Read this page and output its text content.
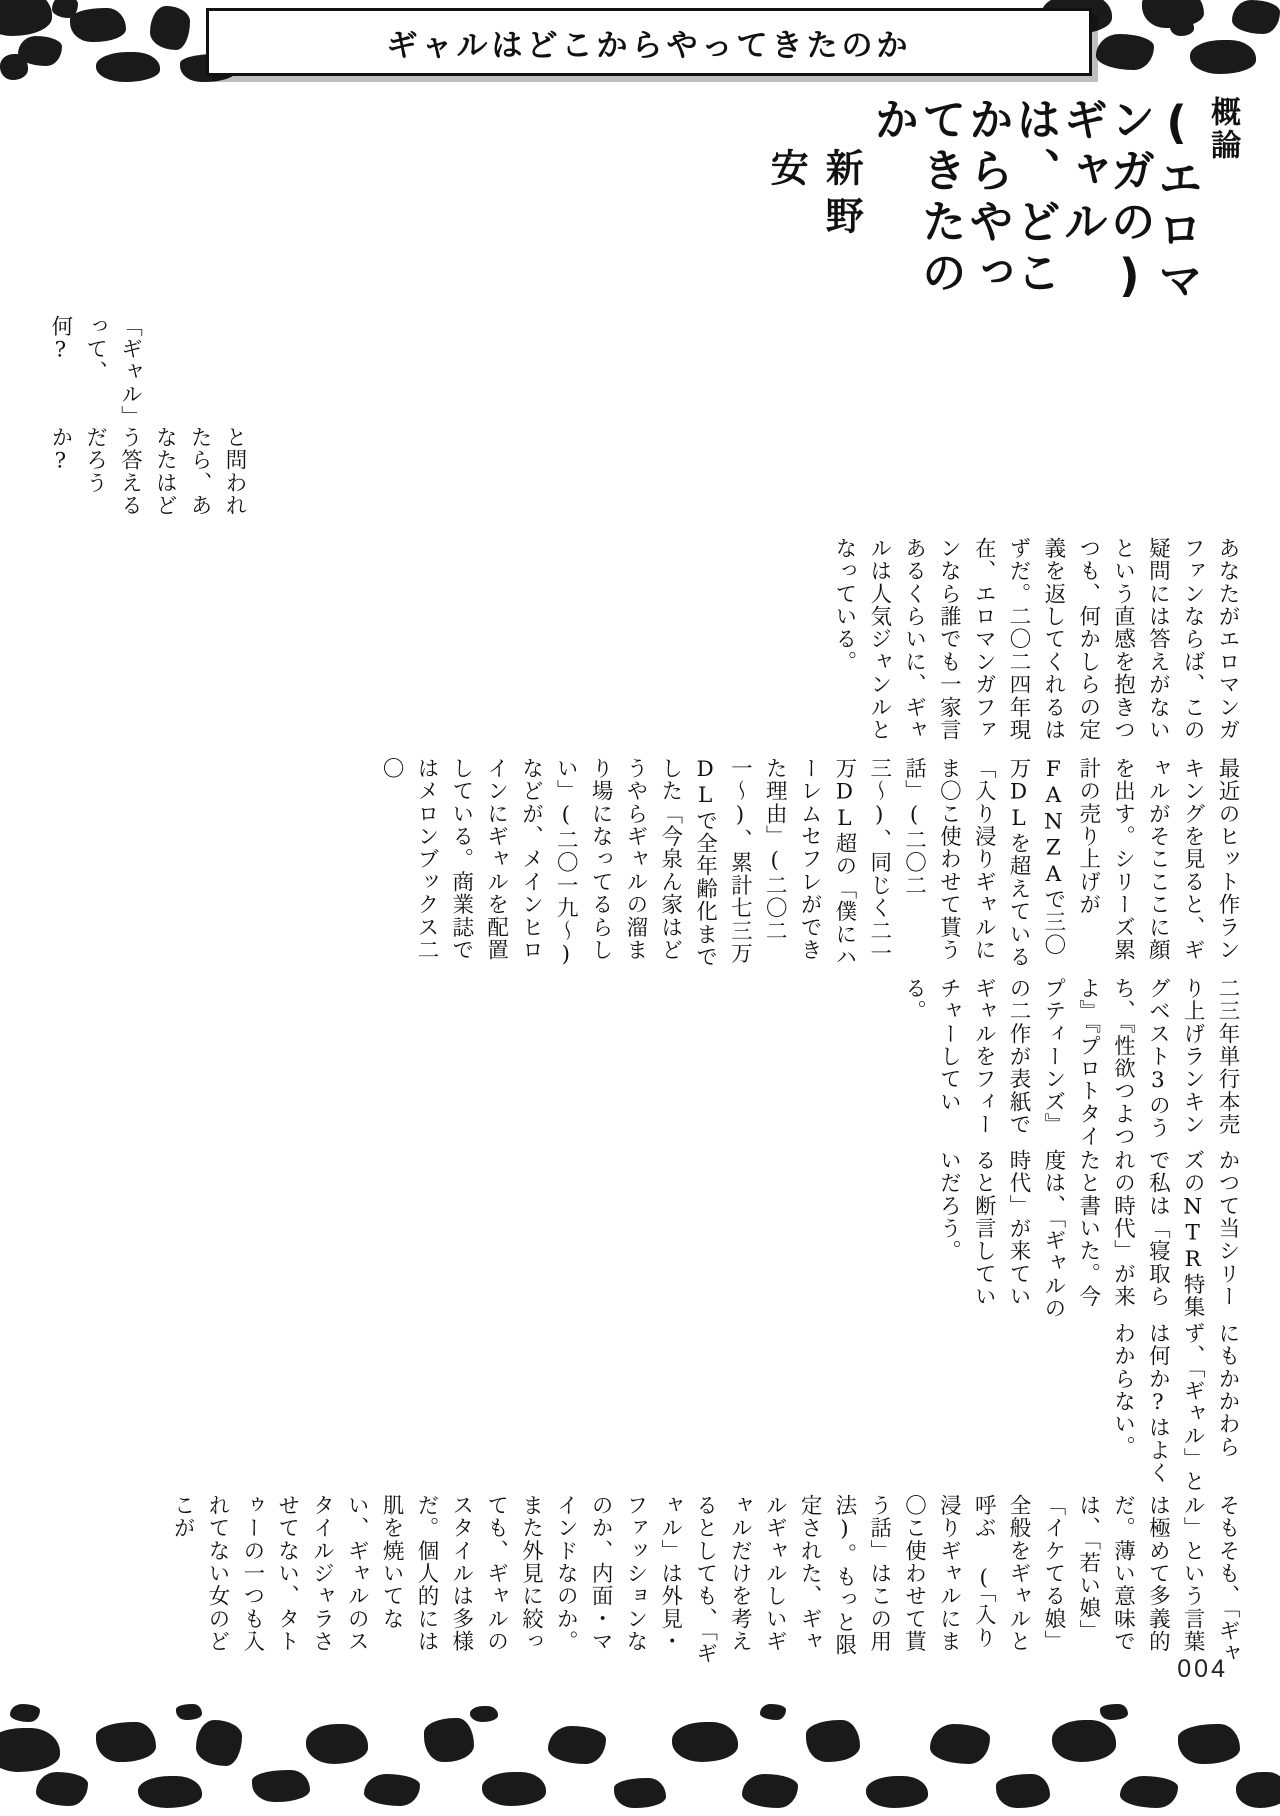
ギャルはどこからやってきたのか
概論
(エロマンガの) ギャルは、どこからやってきたのか
新野 安
「ギャル」って、何?
と問われたら、あなたはどう答えるだろうか?
あなたがエロマンガファンならば、この疑問には答えがないという直感を抱きつつも、何かしらの定義を返してくれるはずだ。二〇二四年現在、エロマンガファンなら誰でも一家言あるくらいに、ギャルは人気ジャンルとなっている。
最近のヒット作ランキングを見ると、ギャルがそこここに顔を出す。シリーズ累計の売り上げがFANZAで三〇万DLを超えている「入り浸りギャルにま〇こ使わせて貰う話」(二〇二三〜)、同じく二一万DL超の「僕にハーレムセフレができた理由」(二〇二一〜)、累計七三万DLで全年齢化までした「今泉ん家はどうやらギャルの溜まり場になってるらしい」(二〇一九〜) などが、メインヒロインにギャルを配置している。商業誌ではメロンブックス二〇
二三年単行本売り上げランキングベスト3のうち、『性欲つよつよ』『プロトタイプティーンズ』の二作が表紙でギャルをフィーチャーしている。
かつて当シリーズのNTR特集で私は「寝取られの時代」が来たと書いた。今度は、「ギャルの時代」が来ていると断言していいだろう。
にもかかわらず、「ギャル」とは何か?はよくわからない。
そもそも、「ギャル」という言葉は極めて多義的だ。薄い意味では、「若い娘」「イケてる娘」全般をギャルと呼ぶ (「入り浸りギャルにま〇こ使わせて貰う話」はこの用法)。もっと限定された、ギャルギャルしいギャルだけを考えるとしても、「ギャル」は外見・ファッションなのか、内面・マインドなのか。また外見に絞っても、ギャルのスタイルは多様だ。個人的には肌を焼いてない、ギャルのスタイルジャラさせてない、タトゥーの一つも入れてない女のどこが
004
